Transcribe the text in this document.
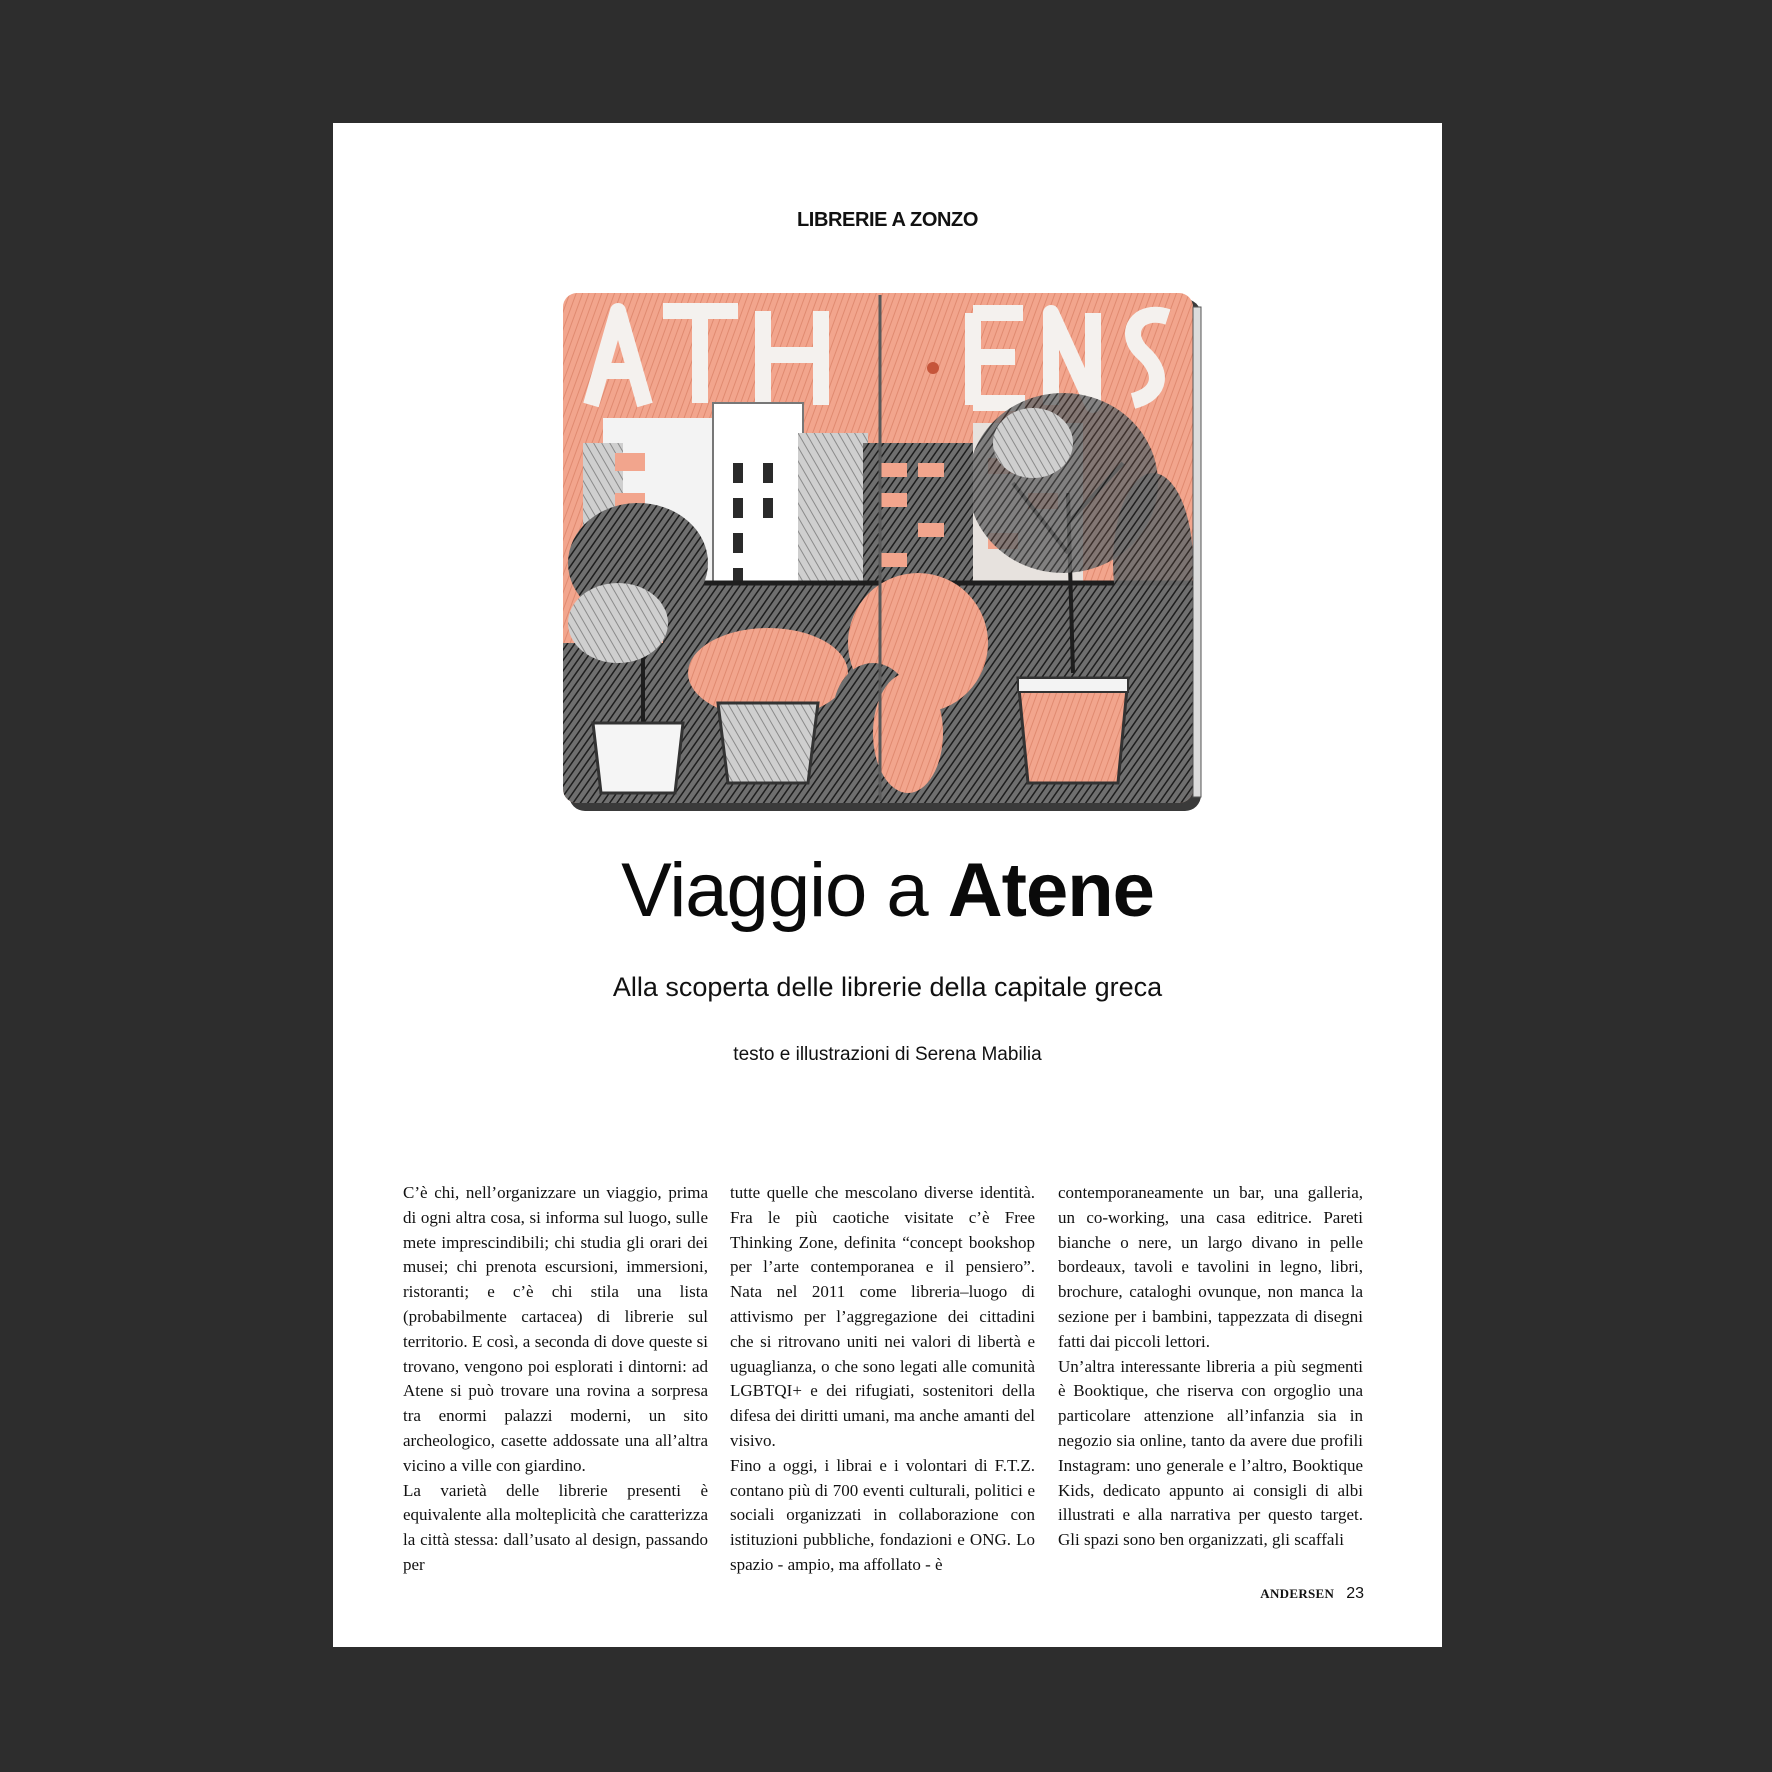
LIBRERIE A ZONZO
Viaggio a Atene
Alla scoperta delle librerie della capitale greca
testo e illustrazioni di Serena Mabilia

C’è chi, nell’organizzare un viaggio, prima di ogni altra cosa, si informa sul luogo, sulle mete imprescindibili; chi studia gli orari dei musei; chi prenota escursioni, immersioni, ristoranti; e c’è chi stila una lista (probabilmente cartacea) di librerie sul territorio. E così, a seconda di dove queste si trovano, vengono poi esplorati i dintorni: ad Atene si può trovare una rovina a sorpresa tra enormi palazzi moderni, un sito archeologico, casette addossate una all’altra vicino a ville con giardino.

La varietà delle librerie presenti è equivalente alla molteplicità che caratterizza la città stessa: dall’usato al design, passando per

tutte quelle che mescolano diverse identità. Fra le più caotiche visitate c’è Free Thinking Zone, definita “concept bookshop per l’arte contemporanea e il pensiero”. Nata nel 2011 come libreria–luogo di attivismo per l’aggregazione dei cittadini che si ritrovano uniti nei valori di libertà e uguaglianza, o che sono legati alle comunità LGBTQI+ e dei rifugiati, sostenitori della difesa dei diritti umani, ma anche amanti del visivo.

Fino a oggi, i librai e i volontari di F.T.Z. contano più di 700 eventi culturali, politici e sociali organizzati in collaborazione con istituzioni pubbliche, fondazioni e ONG. Lo spazio - ampio, ma affollato - è

contemporaneamente un bar, una galleria, un co-working, una casa editrice. Pareti bianche o nere, un largo divano in pelle bordeaux, tavoli e tavolini in legno, libri, brochure, cataloghi ovunque, non manca la sezione per i bambini, tappezzata di disegni fatti dai piccoli lettori.

Un’altra interessante libreria a più segmenti è Booktique, che riserva con orgoglio una particolare attenzione all’infanzia sia in negozio sia online, tanto da avere due profili Instagram: uno generale e l’altro, Booktique Kids, dedicato appunto ai consigli di albi illustrati e alla narrativa per questo target. Gli spazi sono ben organizzati, gli scaffali

ANDERSEN 23
